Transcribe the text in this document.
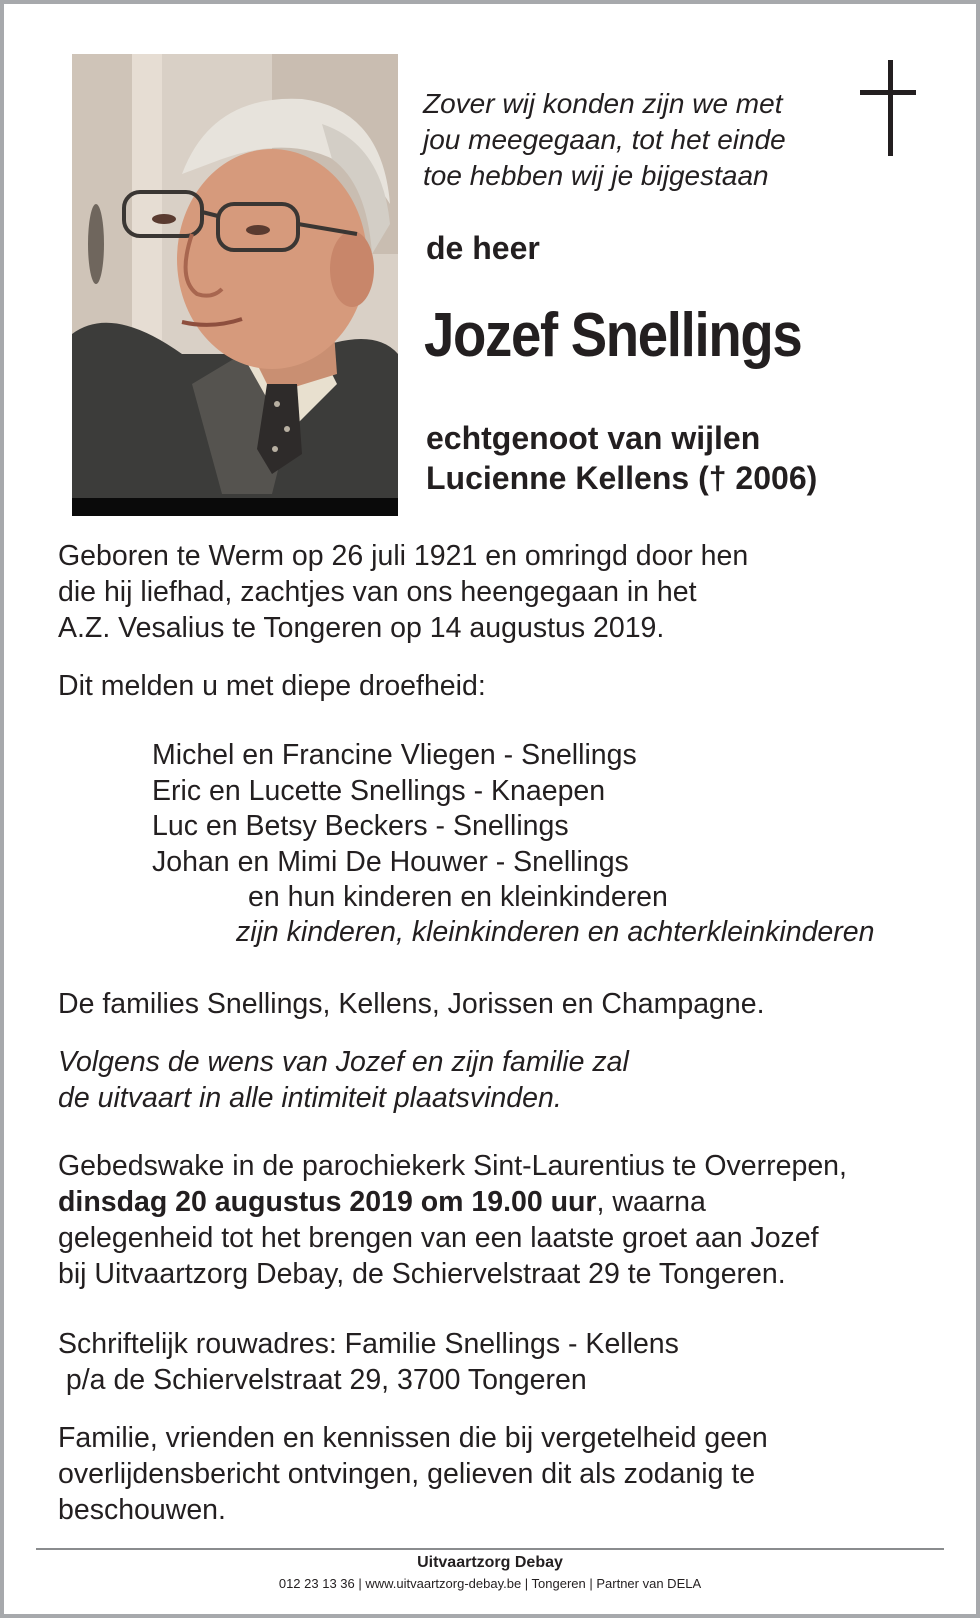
Zover wij konden zijn we met
jou meegegaan, tot het einde
toe hebben wij je bijgestaan
de heer
Jozef Snellings
echtgenoot van wijlen
Lucienne Kellens († 2006)
Geboren te Werm op 26 juli 1921 en omringd door hen
die hij liefhad, zachtjes van ons heengegaan in het
A.Z. Vesalius te Tongeren op 14 augustus 2019.
Dit melden u met diepe droefheid:
Michel en Francine Vliegen - Snellings
Eric en Lucette Snellings - Knaepen
Luc en Betsy Beckers - Snellings
Johan en Mimi De Houwer - Snellings
en hun kinderen en kleinkinderen
zijn kinderen, kleinkinderen en achterkleinkinderen
De families Snellings, Kellens, Jorissen en Champagne.
Volgens de wens van Jozef en zijn familie zal
de uitvaart in alle intimiteit plaatsvinden.
Gebedswake in de parochiekerk Sint-Laurentius te Overrepen,
dinsdag 20 augustus 2019 om 19.00 uur, waarna
gelegenheid tot het brengen van een laatste groet aan Jozef
bij Uitvaartzorg Debay, de Schiervelstraat 29 te Tongeren.
Schriftelijk rouwadres: Familie Snellings - Kellens
p/a de Schiervelstraat 29, 3700 Tongeren
Familie, vrienden en kennissen die bij vergetelheid geen
overlijdensbericht ontvingen, gelieven dit als zodanig te
beschouwen.
Uitvaartzorg Debay
012 23 13 36 | www.uitvaartzorg-debay.be | Tongeren | Partner van DELA
